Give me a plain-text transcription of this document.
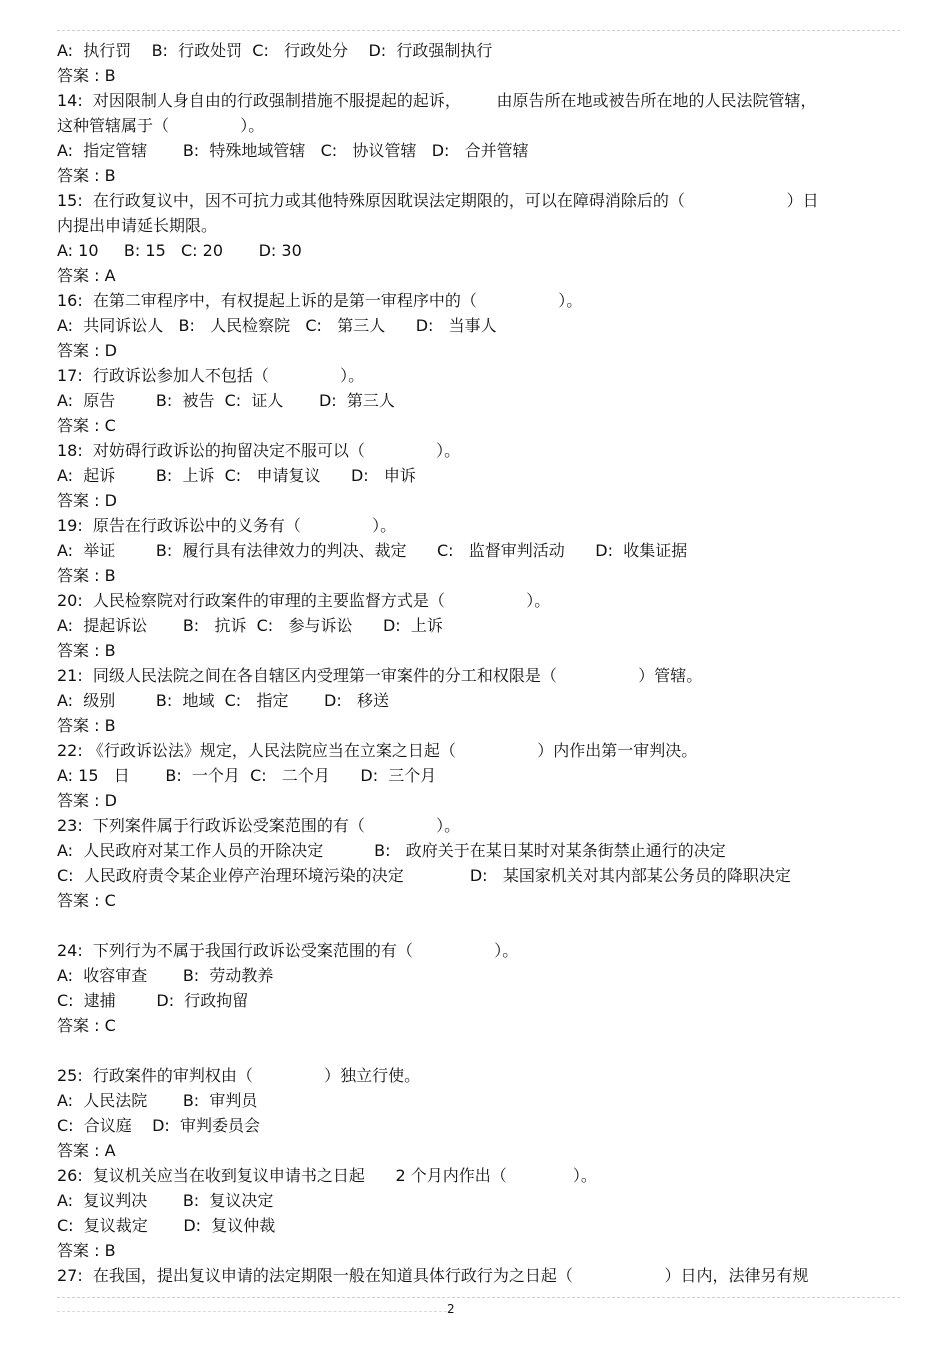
A:  执行罚    B:  行政处罚  C:   行政处分    D:  行政强制执行
答案 : B
14:  对因限制人身自由的行政强制措施不服提起的起诉，       由原告所在地或被告所在地的人民法院管辖，
这种管辖属于（              ）。
A:  指定管辖       B:  特殊地域管辖   C:   协议管辖   D:   合并管辖
答案 : B
15:  在行政复议中，因不可抗力或其他特殊原因耽误法定期限的，可以在障碍消除后的（                    ）日
内提出申请延长期限。
A: 10     B: 15   C: 20       D: 30
答案 : A
16:  在第二审程序中，有权提起上诉的是第一审程序中的（                ）。
A:  共同诉讼人   B:   人民检察院   C:   第三人      D:   当事人
答案 : D
17:  行政诉讼参加人不包括（              ）。
A:  原告        B:  被告  C:  证人       D:  第三人
答案 : C
18:  对妨碍行政诉讼的拘留决定不服可以（              ）。
A:  起诉        B:  上诉  C:   申请复议      D:   申诉
答案 : D
19:  原告在行政诉讼中的义务有（              ）。
A:  举证        B:  履行具有法律效力的判决、裁定      C:   监督审判活动      D:  收集证据
答案 : B
20:  人民检察院对行政案件的审理的主要监督方式是（                ）。
A:  提起诉讼       B:   抗诉  C:   参与诉讼      D:  上诉
答案 : B
21:  同级人民法院之间在各自辖区内受理第一审案件的分工和权限是（                ）管辖。
A:  级别        B:  地域  C:   指定       D:   移送
答案 : B
22: 《行政诉讼法》规定，人民法院应当在立案之日起（                ）内作出第一审判决。
A: 15   日       B:  一个月  C:   二个月      D:  三个月
答案 : D
23:  下列案件属于行政诉讼受案范围的有（              ）。
A:  人民政府对某工作人员的开除决定          B:   政府关于在某日某时对某条街禁止通行的决定
C:  人民政府责令某企业停产治理环境污染的决定             D:   某国家机关对其内部某公务员的降职决定
答案 : C
24:  下列行为不属于我国行政诉讼受案范围的有（                ）。
A:  收容审查       B:  劳动教养
C:  逮捕        D:  行政拘留
答案 : C
25:  行政案件的审判权由（              ）独立行使。
A:  人民法院       B:  审判员
C:  合议庭    D:  审判委员会
答案 : A
26:  复议机关应当在收到复议申请书之日起      2 个月内作出（             ）。
A:  复议判决       B:  复议决定
C:  复议裁定       D:  复议仲裁
答案 : B
27:  在我国，提出复议申请的法定期限一般在知道具体行政行为之日起（                  ）日内，法律另有规
2
